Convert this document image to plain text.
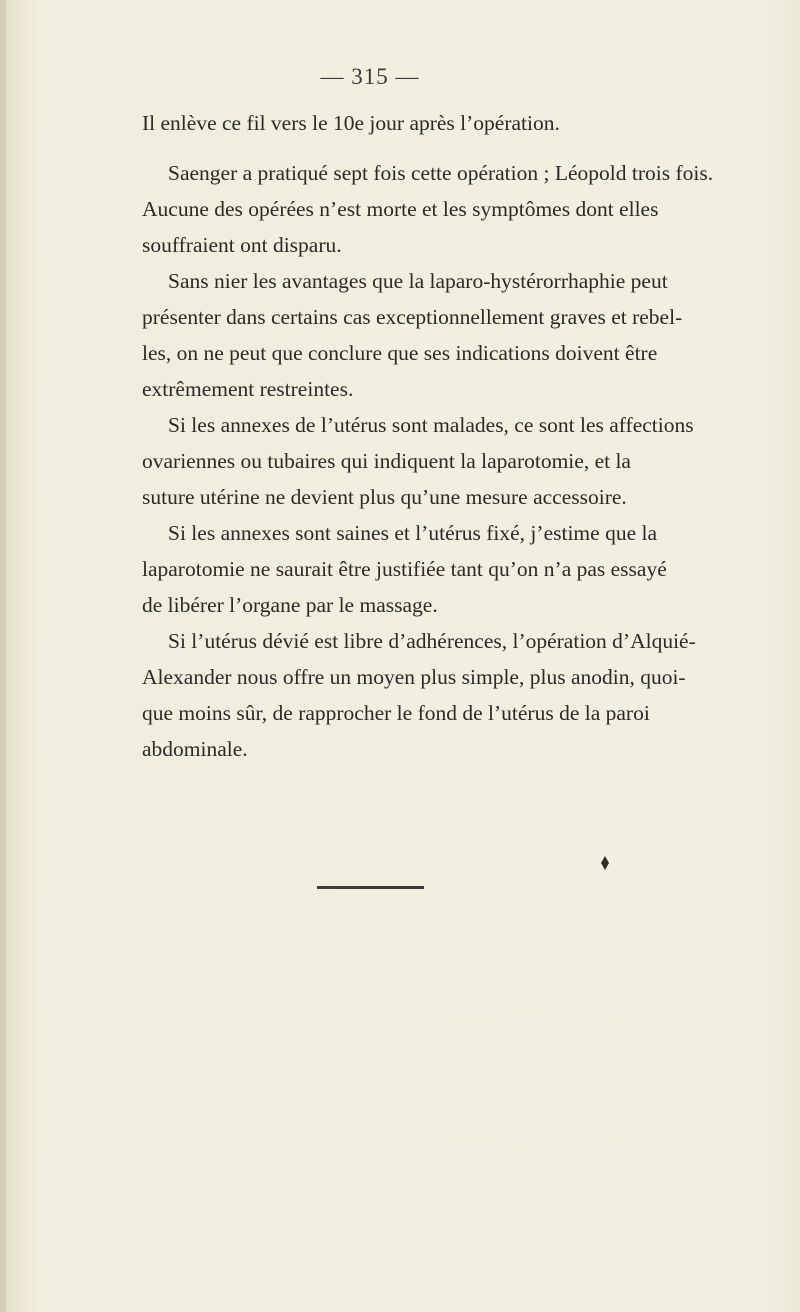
— 315 —

Il enlève ce fil vers le 10e jour après l’opération.

Saenger a pratiqué sept fois cette opération ; Léopold trois fois.
Aucune des opérées n’est morte et les symptômes dont elles
souffraient ont disparu.

Sans nier les avantages que la laparo-hystérorrhaphie peut
présenter dans certains cas exceptionnellement graves et rebel-
les, on ne peut que conclure que ses indications doivent être
extrêmement restreintes.

Si les annexes de l’utérus sont malades, ce sont les affections
ovariennes ou tubaires qui indiquent la laparotomie, et la
suture utérine ne devient plus qu’une mesure accessoire.

Si les annexes sont saines et l’utérus fixé, j’estime que la
laparotomie ne saurait être justifiée tant qu’on n’a pas essayé
de libérer l’organe par le massage.

Si l’utérus dévié est libre d’adhérences, l’opération d’Alquié-
Alexander nous offre un moyen plus simple, plus anodin, quoi-
que moins sûr, de rapprocher le fond de l’utérus de la paroi
abdominale.
